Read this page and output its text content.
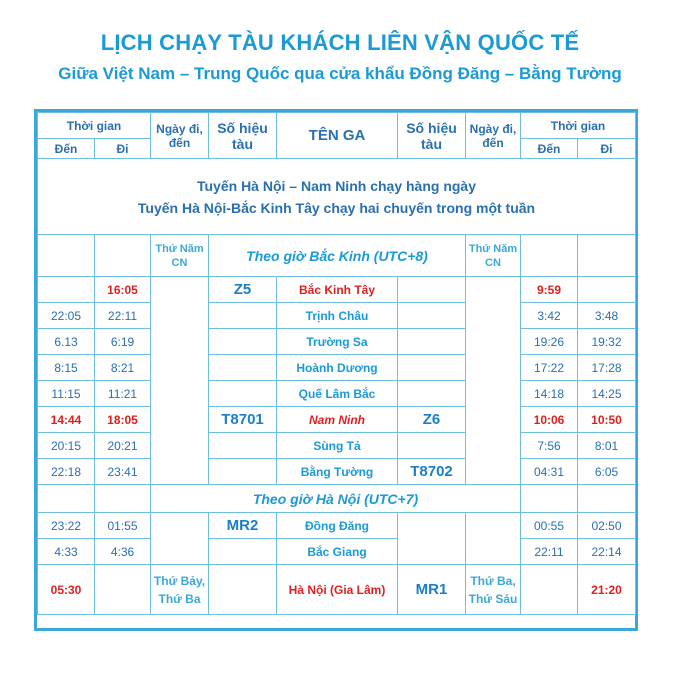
LỊCH CHẠY TÀU KHÁCH LIÊN VẬN QUỐC TẾ
Giữa Việt Nam – Trung Quốc qua cửa khẩu Đồng Đăng – Bằng Tường
Thời gian		Ngày đi, đến	Số hiệu tàu	TÊN GA	Số hiệu tàu	Ngày đi, đến	Thời gian	
Đến	Đi						Đến	Đi

Tuyến Hà Nội – Nam Ninh chạy hàng ngày
Tuyến Hà Nội-Bắc Kinh Tây chạy hai chuyến trong một tuần								

		Thứ Năm CN	Theo giờ Bắc Kinh (UTC+8)			Thứ Năm CN		
	16:05		Z5	Bắc Kinh Tây			9:59	
22:05	22:11			Trịnh Châu			3:42	3:48
6.13	6:19			Trường Sa			19:26	19:32
8:15	8:21			Hoành Dương			17:22	17:28
11:15	11:21			Quế Lâm Bắc			14:18	14:25
14:44	18:05		T8701	Nam Ninh	Z6		10:06	10:50
20:15	20:21			Sùng Tả			7:56	8:01
22:18	23:41			Bằng Tường	T8702		04:31	6:05
		Theo giờ Hà Nội (UTC+7)						
23:22	01:55		MR2	Đồng Đăng			00:55	02:50
4:33	4:36			Bắc Giang			22:11	22:14
05:30		Thứ Bảy, Thứ Ba		Hà Nội (Gia Lâm)	MR1	Thứ Ba, Thứ Sáu		21:20
